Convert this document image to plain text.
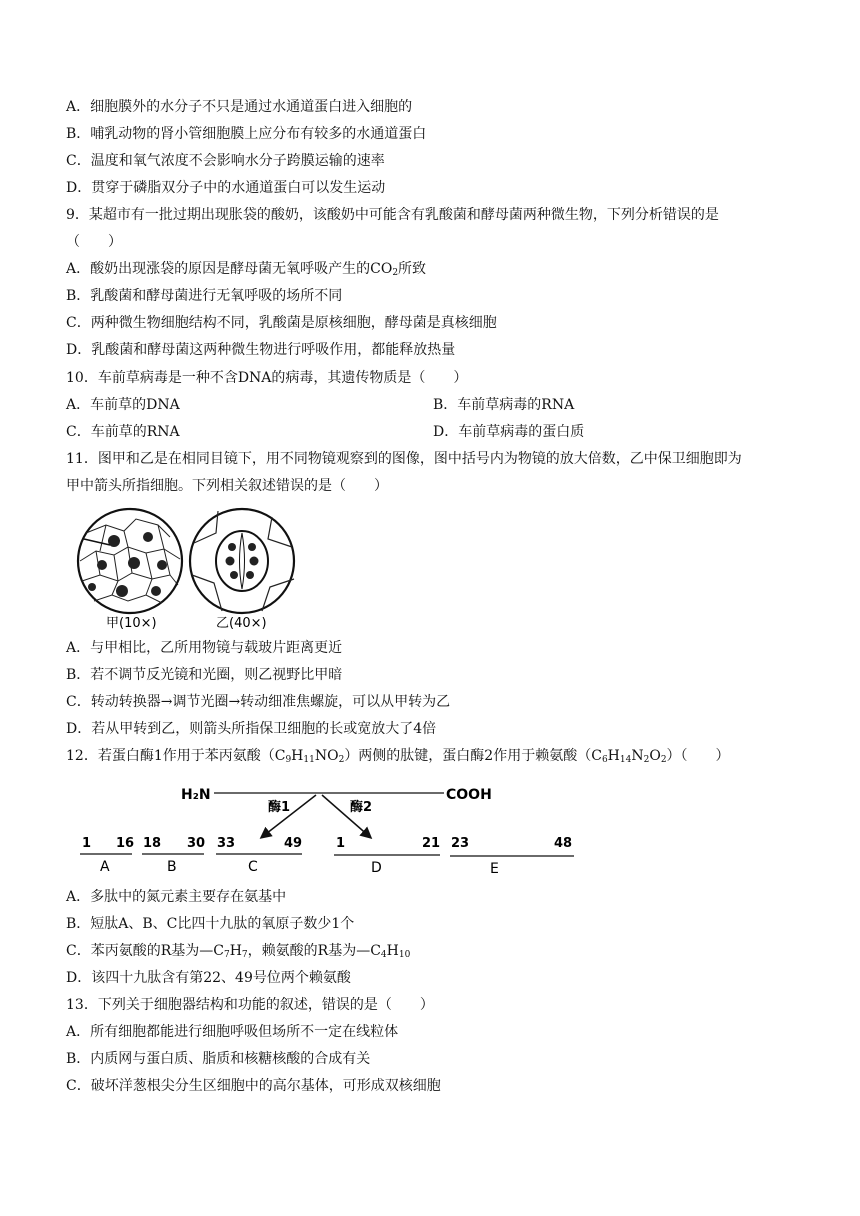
A．细胞膜外的水分子不只是通过水通道蛋白进入细胞的
B．哺乳动物的肾小管细胞膜上应分布有较多的水通道蛋白
C．温度和氧气浓度不会影响水分子跨膜运输的速率
D．贯穿于磷脂双分子中的水通道蛋白可以发生运动
9．某超市有一批过期出现胀袋的酸奶，该酸奶中可能含有乳酸菌和酵母菌两种微生物，下列分析错误的是
（　　）
A．酸奶出现涨袋的原因是酵母菌无氧呼吸产生的$CO_2$所致
B．乳酸菌和酵母菌进行无氧呼吸的场所不同
C．两种微生物细胞结构不同，乳酸菌是原核细胞，酵母菌是真核细胞
D．乳酸菌和酵母菌这两种微生物进行呼吸作用，都能释放热量
10．车前草病毒是一种不含DNA的病毒，其遗传物质是（　　）
A．车前草的DNA	B．车前草病毒的RNA
C．车前草的RNA	D．车前草病毒的蛋白质
11．图甲和乙是在相同目镜下，用不同物镜观察到的图像，图中括号内为物镜的放大倍数，乙中保卫细胞即为
甲中箭头所指细胞。下列相关叙述错误的是（　　）
甲(10×)	乙(40×)
A．与甲相比，乙所用物镜与载玻片距离更近
B．若不调节反光镜和光圈，则乙视野比甲暗
C．转动转换器→调节光圈→转动细准焦螺旋，可以从甲转为乙
D．若从甲转到乙，则箭头所指保卫细胞的长或宽放大了4倍
12．若蛋白酶1作用于苯丙氨酸$(C_9H_{11}NO_2)$两侧的肽键，蛋白酶2作用于赖氨酸$(C_6H_{14}N_2O_2)$（　　）
H₂N	COOH
酶1	酶2
1 16 18 30 33	49	1	21 23	48
A	B	C	D	E
A．多肽中的氮元素主要存在氨基中
B．短肽A、B、C比四十九肽的氧原子数少1个
C．苯丙氨酸的R基为$—C_7H_7$，赖氨酸的R基为$—C_4H_{10}$
D．该四十九肽含有第22、49号位两个赖氨酸
13．下列关于细胞器结构和功能的叙述，错误的是（　　）
A．所有细胞都能进行细胞呼吸但场所不一定在线粒体
B．内质网与蛋白质、脂质和核糖核酸的合成有关
C．破坏洋葱根尖分生区细胞中的高尔基体，可形成双核细胞
